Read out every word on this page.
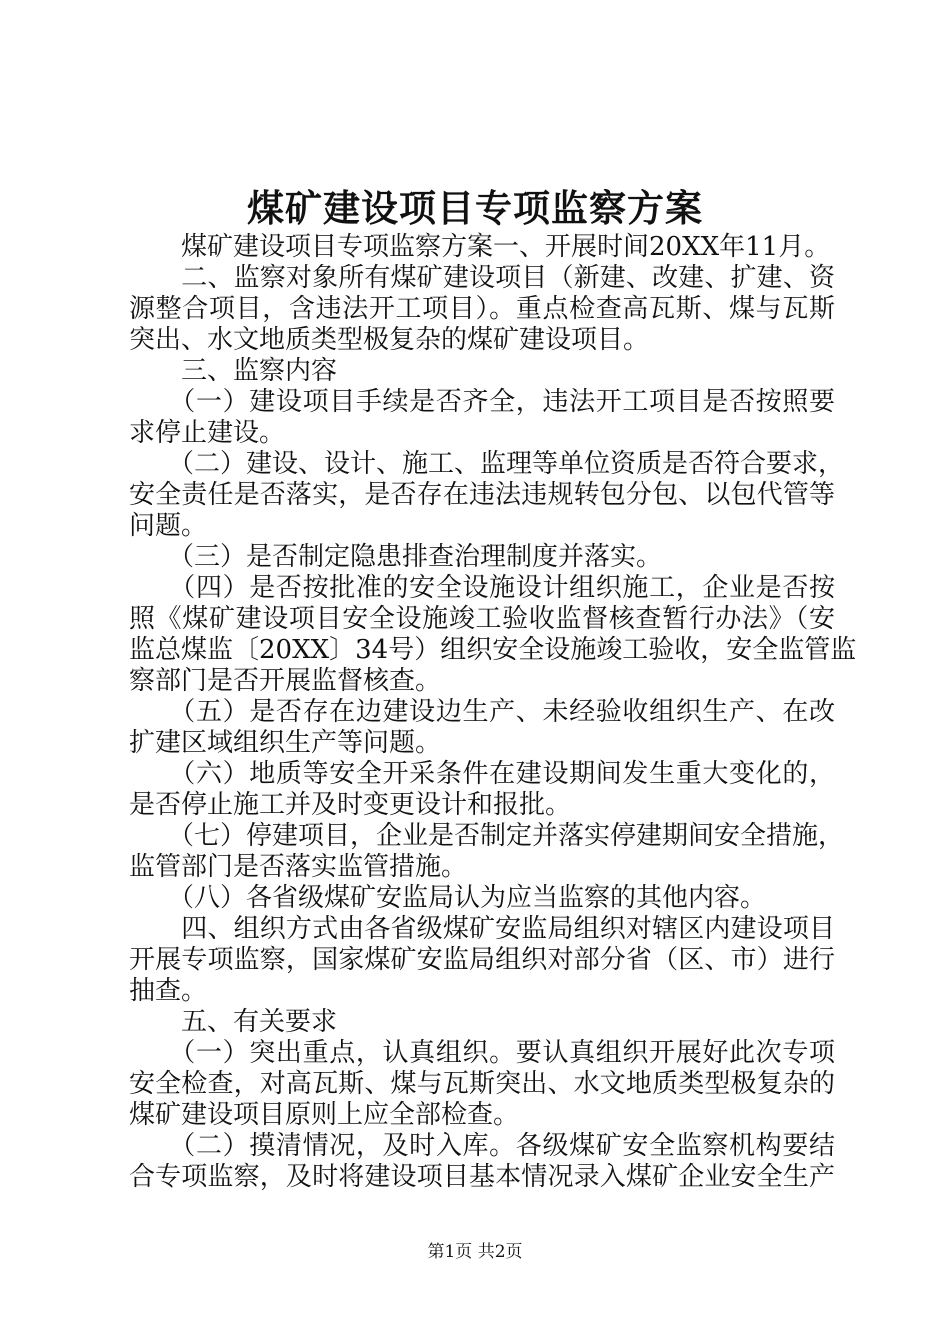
煤矿建设项目专项监察方案
　　煤矿建设项目专项监察方案一、开展时间20XX年11月。
　　二、监察对象所有煤矿建设项目（新建、改建、扩建、资
源整合项目，含违法开工项目）。重点检查高瓦斯、煤与瓦斯
突出、水文地质类型极复杂的煤矿建设项目。
　　三、监察内容
　　（一）建设项目手续是否齐全，违法开工项目是否按照要
求停止建设。
　　（二）建设、设计、施工、监理等单位资质是否符合要求，
安全责任是否落实，是否存在违法违规转包分包、以包代管等
问题。
　　（三）是否制定隐患排查治理制度并落实。
　　（四）是否按批准的安全设施设计组织施工，企业是否按
照《煤矿建设项目安全设施竣工验收监督核查暂行办法》（安
监总煤监〔20XX〕34号）组织安全设施竣工验收，安全监管监
察部门是否开展监督核查。
　　（五）是否存在边建设边生产、未经验收组织生产、在改
扩建区域组织生产等问题。
　　（六）地质等安全开采条件在建设期间发生重大变化的，
是否停止施工并及时变更设计和报批。
　　（七）停建项目，企业是否制定并落实停建期间安全措施，
监管部门是否落实监管措施。
　　（八）各省级煤矿安监局认为应当监察的其他内容。
　　四、组织方式由各省级煤矿安监局组织对辖区内建设项目
开展专项监察，国家煤矿安监局组织对部分省（区、市）进行
抽查。
　　五、有关要求
　　（一）突出重点，认真组织。要认真组织开展好此次专项
安全检查，对高瓦斯、煤与瓦斯突出、水文地质类型极复杂的
煤矿建设项目原则上应全部检查。
　　（二）摸清情况，及时入库。各级煤矿安全监察机构要结
合专项监察，及时将建设项目基本情况录入煤矿企业安全生产
第1页 共2页
